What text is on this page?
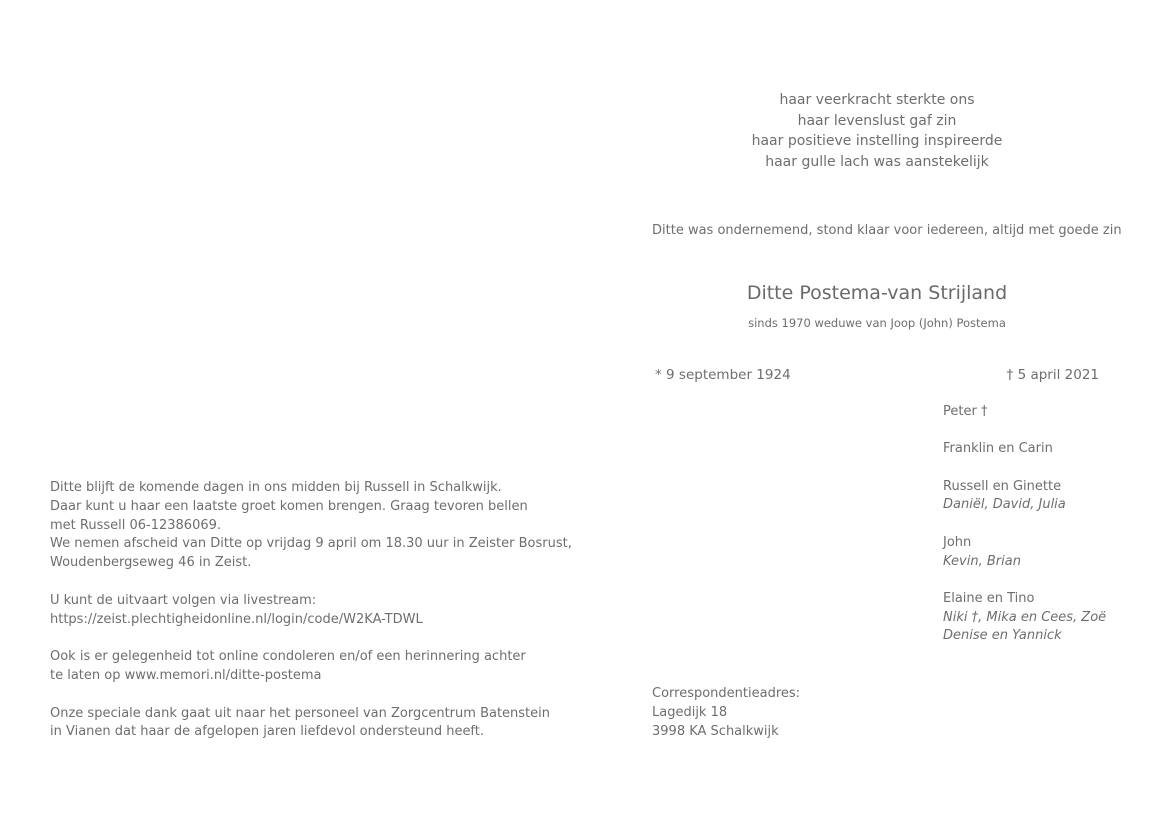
haar veerkracht sterkte ons
haar levenslust gaf zin
haar positieve instelling inspireerde
haar gulle lach was aanstekelijk
Ditte was ondernemend, stond klaar voor iedereen, altijd met goede zin
Ditte Postema-van Strijland
sinds 1970 weduwe van Joop (John) Postema
* 9 september 1924	† 5 april 2021
Peter †
Franklin en Carin
Russell en Ginette
Daniël, David, Julia
John
Kevin, Brian
Elaine en Tino
Niki †, Mika en Cees, Zoë
Denise en Yannick
Ditte blijft de komende dagen in ons midden bij Russell in Schalkwijk.
Daar kunt u haar een laatste groet komen brengen. Graag tevoren bellen
met Russell 06-12386069.
We nemen afscheid van Ditte op vrijdag 9 april om 18.30 uur in Zeister Bosrust,
Woudenbergseweg 46 in Zeist.
U kunt de uitvaart volgen via livestream:
https://zeist.plechtigheidonline.nl/login/code/W2KA-TDWL
Ook is er gelegenheid tot online condoleren en/of een herinnering achter
te laten op www.memori.nl/ditte-postema
Onze speciale dank gaat uit naar het personeel van Zorgcentrum Batenstein
in Vianen dat haar de afgelopen jaren liefdevol ondersteund heeft.
Correspondentieadres:
Lagedijk 18
3998 KA Schalkwijk
